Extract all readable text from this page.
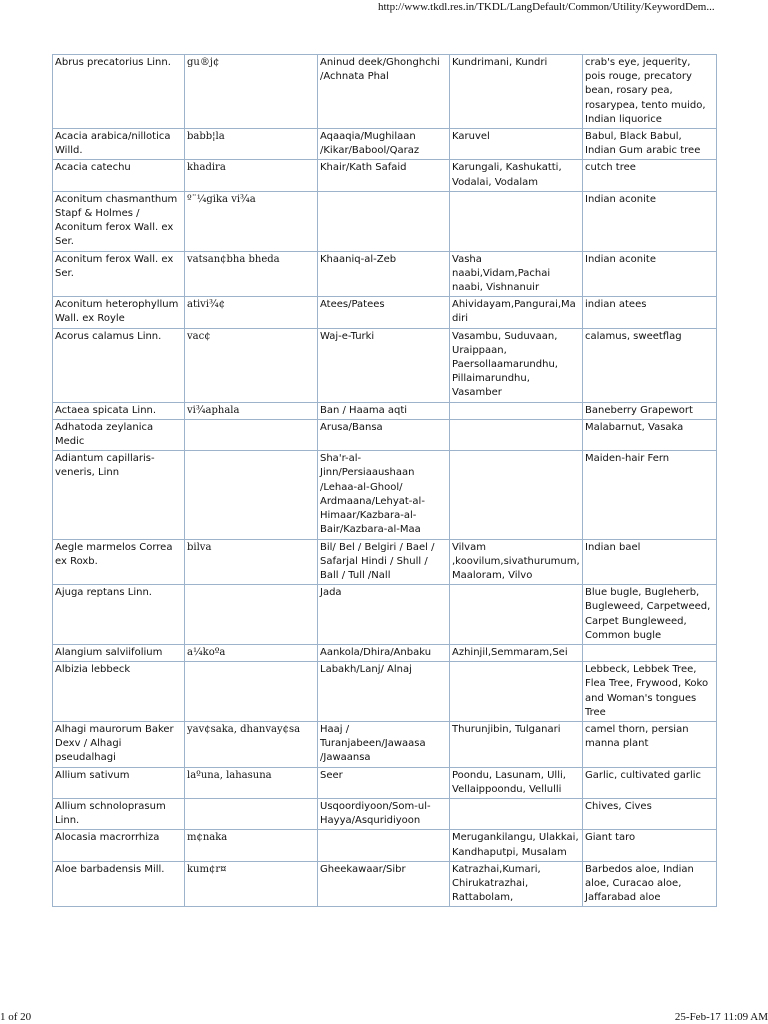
http://www.tkdl.res.in/TKDL/LangDefault/Common/Utility/KeywordDem...
Abrus precatorius Linn.	gu®j¢	Aninud deek/Ghonghchi /Achnata Phal	Kundrimani, Kundri	crab's eye, jequerity, pois rouge, precatory bean, rosary pea, rosarypea, tento muido, Indian liquorice
Acacia arabica/nillotica Willd.	babb¦la	Aqaaqia/Mughilaan /Kikar/Babool/Qaraz	Karuvel	Babul, Black Babul, Indian Gum arabic tree
Acacia catechu	khadira	Khair/Kath Safaid	Karungali, Kashukatti, Vodalai, Vodalam	cutch tree
Aconitum chasmanthum Stapf & Holmes / Aconitum ferox Wall. ex Ser.	º¨¼gika vi¾a			Indian aconite
Aconitum ferox Wall. ex Ser.	vatsan¢bha bheda	Khaaniq-al-Zeb	Vasha naabi,Vidam,Pachai naabi, Vishnanuir	Indian aconite
Aconitum heterophyllum Wall. ex Royle	ativi¾¢	Atees/Patees	Ahividayam,Pangurai,Madiri	indian atees
Acorus calamus Linn.	vac¢	Waj-e-Turki	Vasambu, Suduvaan, Uraippaan, Paersollaamarundhu, Pillaimarundhu, Vasamber	calamus, sweetflag
Actaea spicata Linn.	vi¾aphala	Ban / Haama aqti		Baneberry Grapewort
Adhatoda zeylanica Medic		Arusa/Bansa		Malabarnut, Vasaka
Adiantum capillaris-veneris, Linn		Sha'r-al-Jinn/Persiaaushaan /Lehaa-al-Ghool/ Ardmaana/Lehyat-al-Himaar/Kazbara-al-Bair/Kazbara-al-Maa		Maiden-hair Fern
Aegle marmelos Correa ex Roxb.	bilva	Bil/ Bel / Belgiri / Bael / Safarjal Hindi / Shull / Ball / Tull /Nall	Vilvam ,koovilum,sivathurumum, Maaloram, Vilvo	Indian bael
Ajuga reptans Linn.		Jada		Blue bugle, Bugleherb, Bugleweed, Carpetweed, Carpet Bungleweed, Common bugle
Alangium salviifolium	a¼koºa	Aankola/Dhira/Anbaku	Azhinjil,Semmaram,Sei	
Albizia lebbeck		Labakh/Lanj/ Alnaj		Lebbeck, Lebbek Tree, Flea Tree, Frywood, Koko and Woman's tongues Tree
Alhagi maurorum Baker Dexv / Alhagi pseudalhagi	yav¢saka, dhanvay¢sa	Haaj / Turanjabeen/Jawaasa /Jawaansa	Thurunjibin, Tulganari	camel thorn, persian manna plant
Allium sativum	laºuna, lahasuna	Seer	Poondu, Lasunam, Ulli, Vellaippoondu, Vellulli	Garlic, cultivated garlic
Allium schnoloprasum Linn.		Usqoordiyoon/Som-ul-Hayya/Asquridiyoon		Chives, Cives
Alocasia macrorrhiza	m¢naka		Merugankilangu, Ulakkai, Kandhaputpi, Musalam	Giant taro
Aloe barbadensis Mill.	kum¢r¤	Gheekawaar/Sibr	Katrazhai,Kumari, Chirukatrazhai, Rattabolam,	Barbedos aloe, Indian aloe, Curacao aloe, Jaffarabad aloe
1 of 20	25-Feb-17 11:09 AM
